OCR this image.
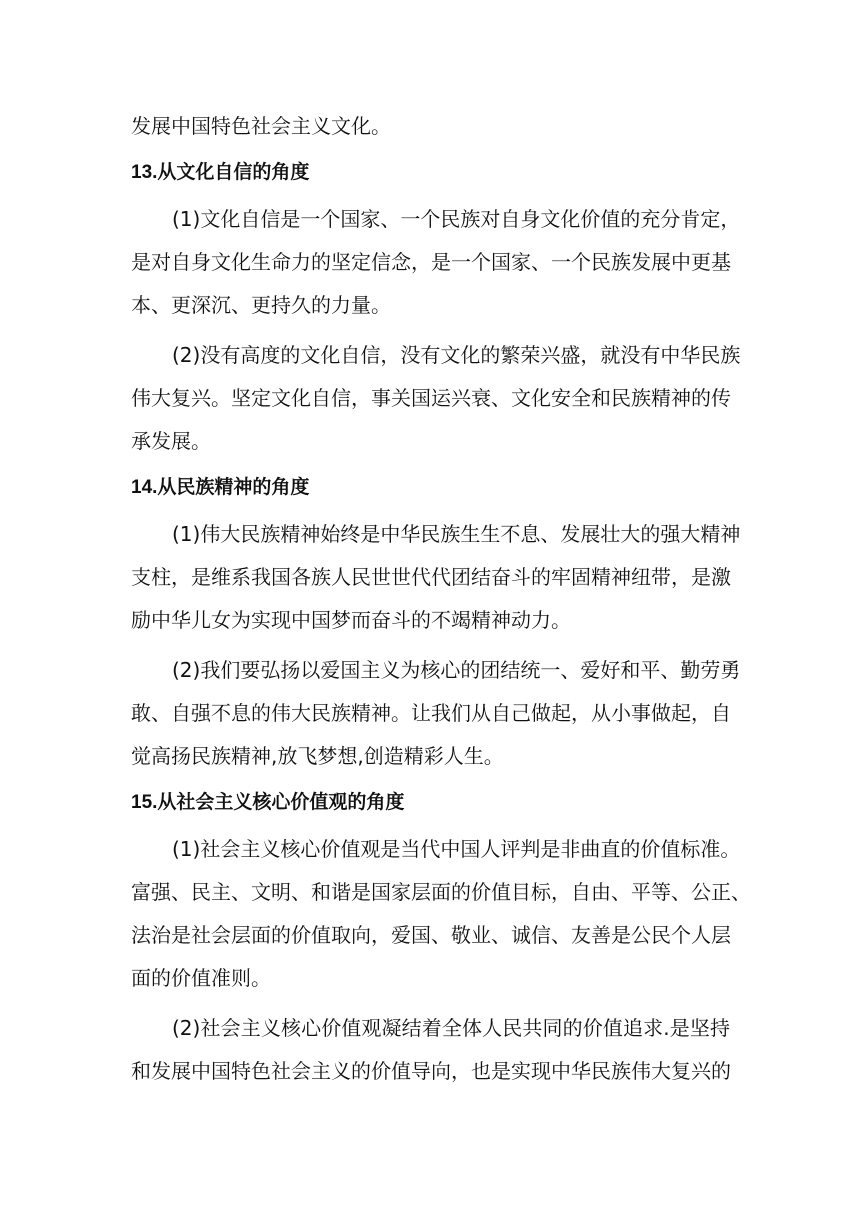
发展中国特色社会主义文化。
13.从文化自信的角度
(1)文化自信是一个国家、一个民族对自身文化价值的充分肯定，
是对自身文化生命力的坚定信念，是一个国家、一个民族发展中更基
本、更深沉、更持久的力量。
(2)没有高度的文化自信，没有文化的繁荣兴盛，就没有中华民族
伟大复兴。坚定文化自信，事关国运兴衰、文化安全和民族精神的传
承发展。
14.从民族精神的角度
(1)伟大民族精神始终是中华民族生生不息、发展壮大的强大精神
支柱，是维系我国各族人民世世代代团结奋斗的牢固精神纽带，是激
励中华儿女为实现中国梦而奋斗的不竭精神动力。
(2)我们要弘扬以爱国主义为核心的团结统一、爱好和平、勤劳勇
敢、自强不息的伟大民族精神。让我们从自己做起，从小事做起，自
觉高扬民族精神,放飞梦想,创造精彩人生。
15.从社会主义核心价值观的角度
(1)社会主义核心价值观是当代中国人评判是非曲直的价值标准。
富强、民主、文明、和谐是国家层面的价值目标，自由、平等、公正、
法治是社会层面的价值取向，爱国、敬业、诚信、友善是公民个人层
面的价值准则。
(2)社会主义核心价值观凝结着全体人民共同的价值追求.是坚持
和发展中国特色社会主义的价值导向，也是实现中华民族伟大复兴的
